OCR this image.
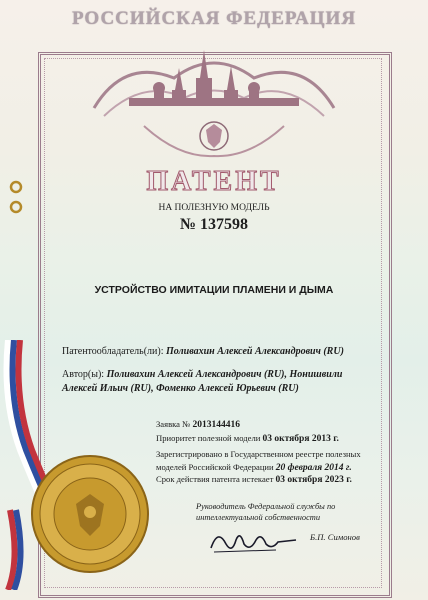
РОССИЙСКАЯ ФЕДЕРАЦИЯ
ПАТЕНТ
НА ПОЛЕЗНУЮ МОДЕЛЬ
№ 137598
УСТРОЙСТВО ИМИТАЦИИ ПЛАМЕНИ И ДЫМА
Патентообладатель(ли): Поливахин Алексей Александрович (RU)
Автор(ы): Поливахин Алексей Александрович (RU), Нонишвили Алексей Ильич (RU), Фоменко Алексей Юрьевич (RU)
Заявка № 2013144416
Приоритет полезной модели 03 октября 2013 г.
Зарегистрировано в Государственном реестре полезных моделей Российской Федерации 20 февраля 2014 г.
Срок действия патента истекает 03 октября 2023 г.
Руководитель Федеральной службы по интеллектуальной собственности
Б.П. Симонов
